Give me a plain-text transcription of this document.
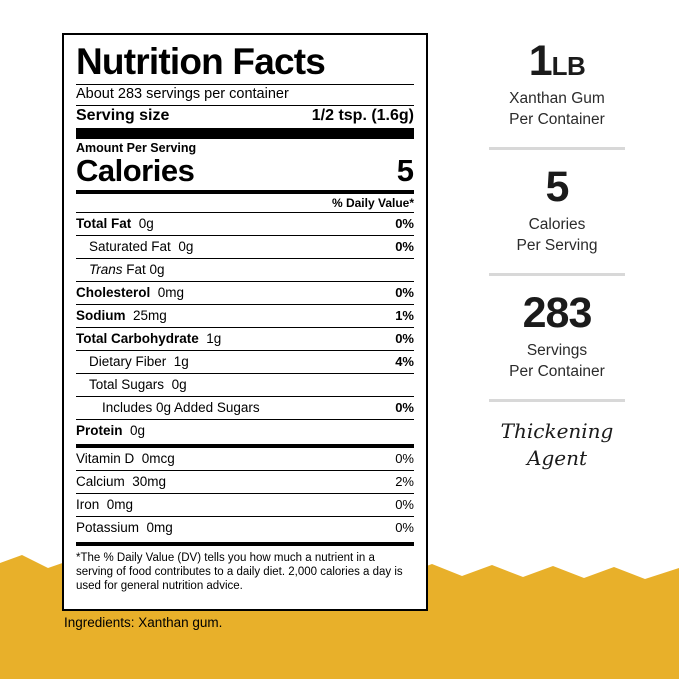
Nutrition Facts
About 283 servings per container
Serving size	1/2 tsp. (1.6g)
Amount Per Serving
Calories	5
% Daily Value*
Total Fat 0g	0%
Saturated Fat 0g	0%
Trans Fat 0g
Cholesterol 0mg	0%
Sodium 25mg	1%
Total Carbohydrate 1g	0%
Dietary Fiber 1g	4%
Total Sugars 0g
Includes 0g Added Sugars	0%
Protein 0g
Vitamin D 0mcg	0%
Calcium 30mg	2%
Iron 0mg	0%
Potassium 0mg	0%
*The % Daily Value (DV) tells you how much a nutrient in a serving of food contributes to a daily diet. 2,000 calories a day is used for general nutrition advice.
Ingredients: Xanthan gum.
1LB
Xanthan Gum
Per Container
5
Calories
Per Serving
283
Servings
Per Container
Thickening
Agent
